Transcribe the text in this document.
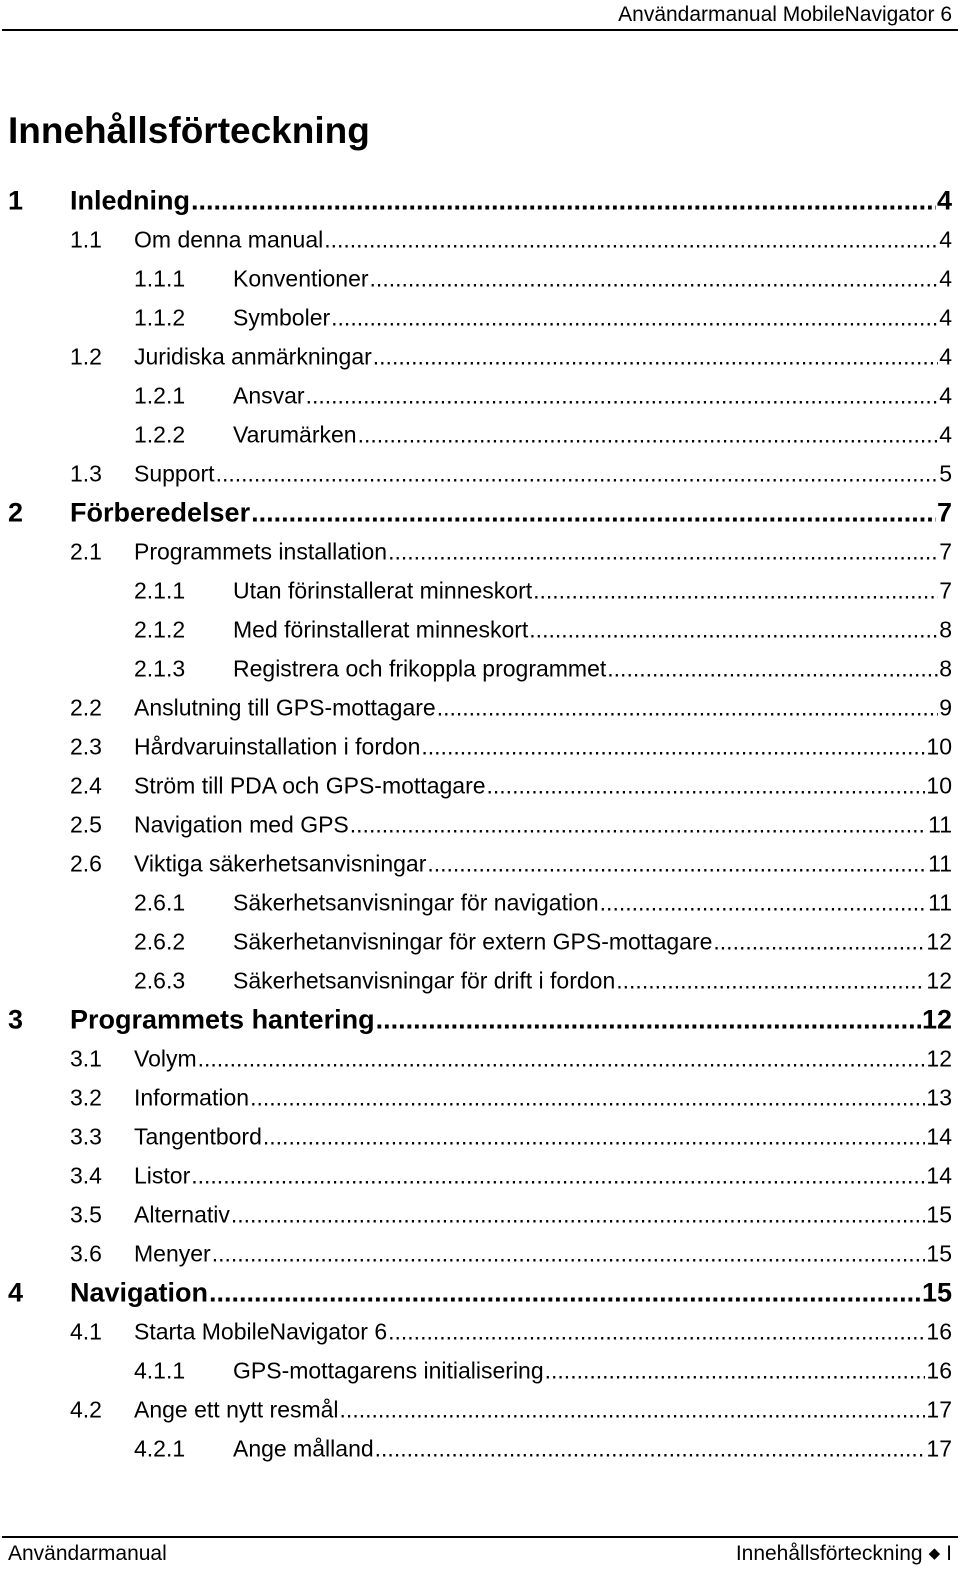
Användarmanual MobileNavigator 6
Innehållsförteckning
1 Inledning .....	4
1.1 Om denna manual .....	4
1.1.1 Konventioner .....	4
1.1.2 Symboler .....	4
1.2 Juridiska anmärkningar .....	4
1.2.1 Ansvar .....	4
1.2.2 Varumärken .....	4
1.3 Support .....	5
2 Förberedelser .....	7
2.1 Programmets installation .....	7
2.1.1 Utan förinstallerat minneskort .....	7
2.1.2 Med förinstallerat minneskort .....	8
2.1.3 Registrera och frikoppla programmet .....	8
2.2 Anslutning till GPS-mottagare .....	9
2.3 Hårdvaruinstallation i fordon .....	10
2.4 Ström till PDA och GPS-mottagare .....	10
2.5 Navigation med GPS .....	11
2.6 Viktiga säkerhetsanvisningar .....	11
2.6.1 Säkerhetsanvisningar för navigation .....	11
2.6.2 Säkerhetanvisningar för extern GPS-mottagare .....	12
2.6.3 Säkerhetsanvisningar för drift i fordon .....	12
3 Programmets hantering .....	12
3.1 Volym .....	12
3.2 Information .....	13
3.3 Tangentbord .....	14
3.4 Listor .....	14
3.5 Alternativ .....	15
3.6 Menyer .....	15
4 Navigation .....	15
4.1 Starta MobileNavigator 6 .....	16
4.1.1 GPS-mottagarens initialisering .....	16
4.2 Ange ett nytt resmål .....	17
4.2.1 Ange målland .....	17
Användarmanual	Innehållsförteckning ◆ I
